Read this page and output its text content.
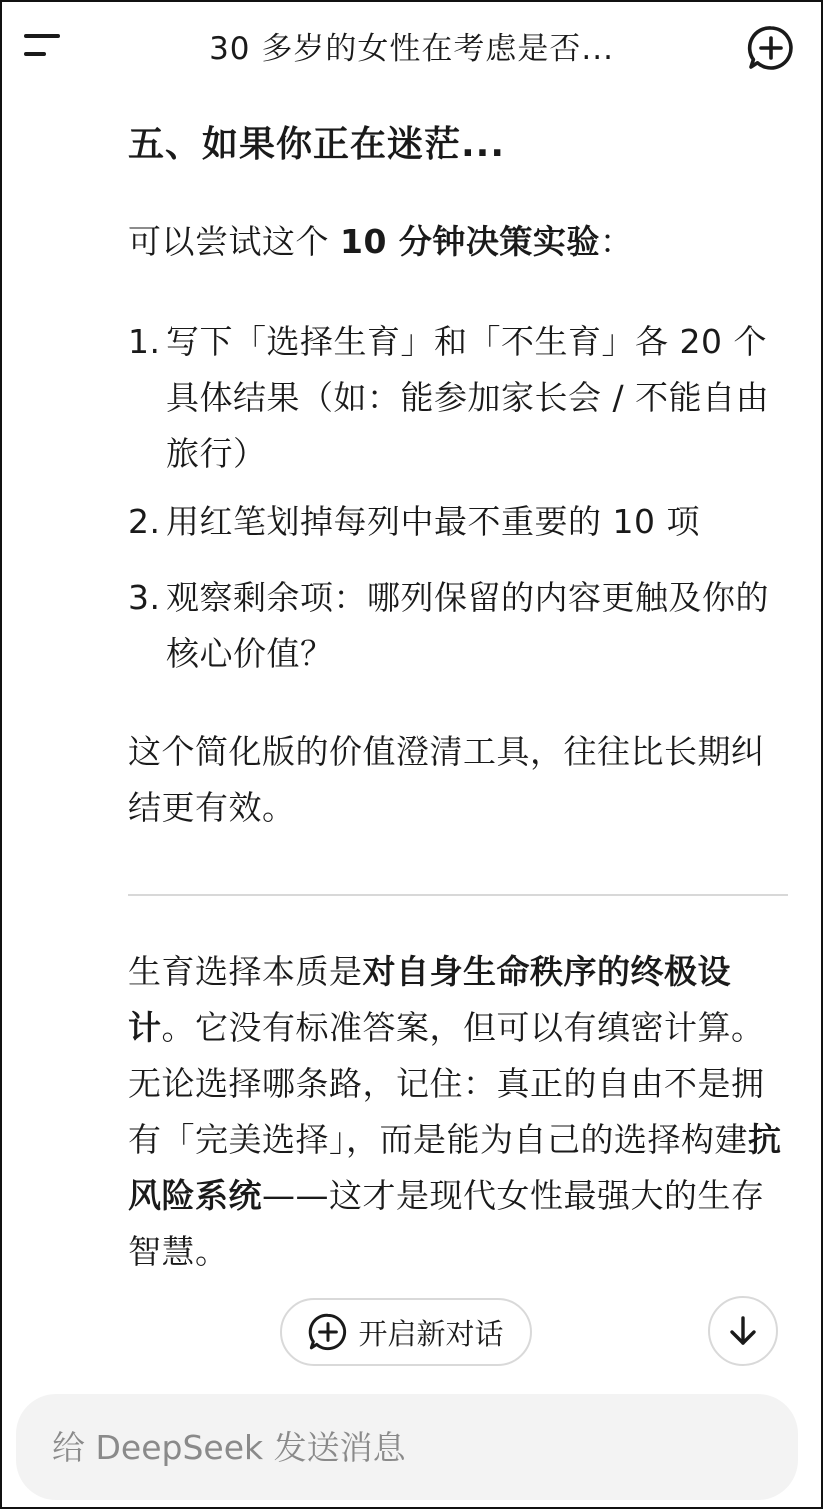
30 多岁的女性在考虑是否...
五、如果你正在迷茫...
可以尝试这个 10 分钟决策实验：
1. 写下「选择生育」和「不生育」各 20 个具体结果（如：能参加家长会 / 不能自由旅行）
2. 用红笔划掉每列中最不重要的 10 项
3. 观察剩余项：哪列保留的内容更触及你的核心价值？
这个简化版的价值澄清工具，往往比长期纠结更有效。
生育选择本质是对自身生命秩序的终极设计。它没有标准答案，但可以有缜密计算。无论选择哪条路，记住：真正的自由不是拥有「完美选择」，而是能为自己的选择构建抗风险系统——这才是现代女性最强大的生存智慧。
开启新对话
给 DeepSeek 发送消息
